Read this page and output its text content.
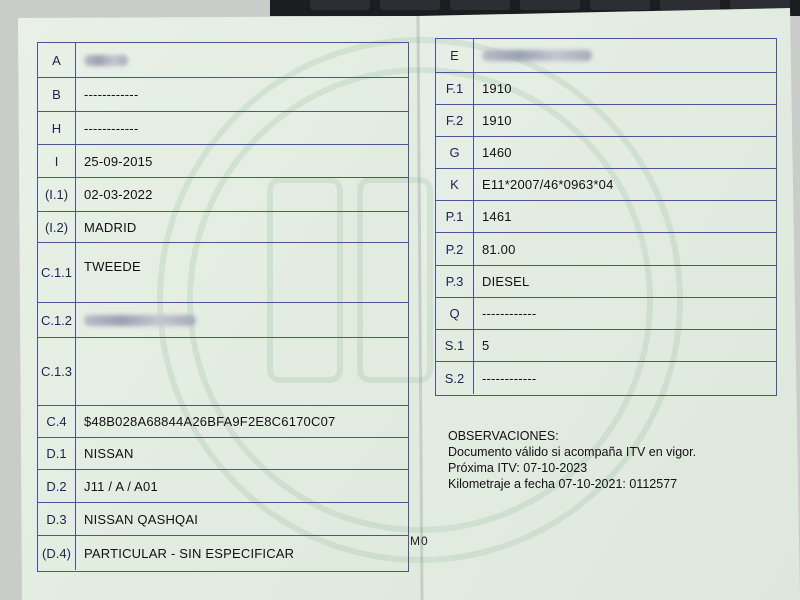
A
B	------------
H	------------
I	25-09-2015
(I.1)	02-03-2022
(I.2)	MADRID
C.1.1 TWEEDE
C.1.2
C.1.3
C.4	$48B028A68844A26BFA9F2E8C6170C07
D.1	NISSAN
D.2	J11 / A / A01
D.3	NISSAN QASHQAI
(D.4)	PARTICULAR - SIN ESPECIFICAR
E
F.1	1910
F.2	1910
G	1460
K	E11*2007/46*0963*04
P.1	1461
P.2	81.00
P.3	DIESEL
Q	------------
S.1	5
S.2	------------
OBSERVACIONES:
Documento válido si acompaña ITV en vigor.
Próxima ITV: 07-10-2023
Kilometraje a fecha 07-10-2021: 0112577
M0
